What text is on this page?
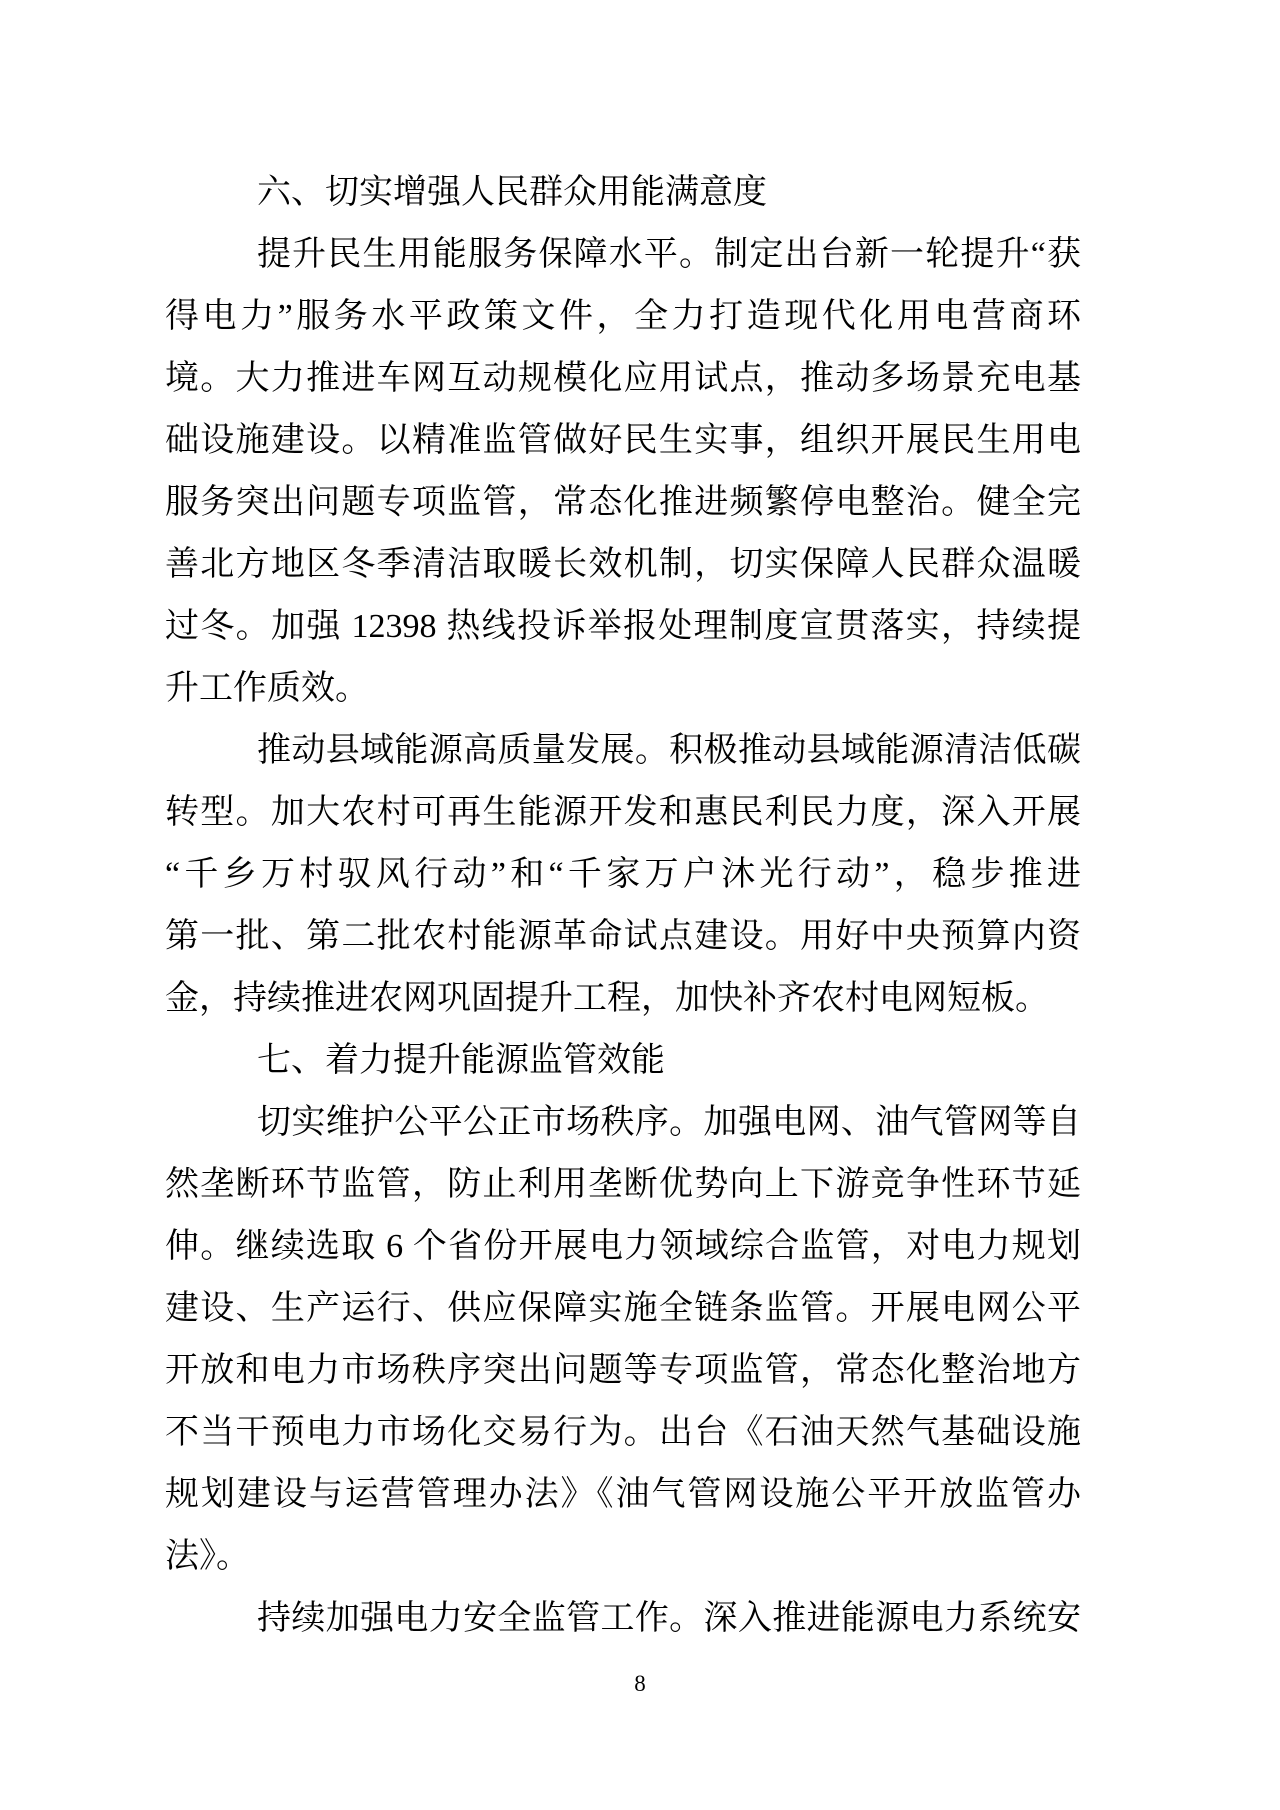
六、切实增强人民群众用能满意度
提升民生用能服务保障水平。制定出台新一轮提升“获
得电力”服务水平政策文件，全力打造现代化用电营商环
境。大力推进车网互动规模化应用试点，推动多场景充电基
础设施建设。以精准监管做好民生实事，组织开展民生用电
服务突出问题专项监管，常态化推进频繁停电整治。健全完
善北方地区冬季清洁取暖长效机制，切实保障人民群众温暖
过冬。加强 12398 热线投诉举报处理制度宣贯落实，持续提
升工作质效。
推动县域能源高质量发展。积极推动县域能源清洁低碳
转型。加大农村可再生能源开发和惠民利民力度，深入开展
“千乡万村驭风行动”和“千家万户沐光行动”，稳步推进
第一批、第二批农村能源革命试点建设。用好中央预算内资
金，持续推进农网巩固提升工程，加快补齐农村电网短板。
七、着力提升能源监管效能
切实维护公平公正市场秩序。加强电网、油气管网等自
然垄断环节监管，防止利用垄断优势向上下游竞争性环节延
伸。继续选取 6 个省份开展电力领域综合监管，对电力规划
建设、生产运行、供应保障实施全链条监管。开展电网公平
开放和电力市场秩序突出问题等专项监管，常态化整治地方
不当干预电力市场化交易行为。出台《石油天然气基础设施
规划建设与运营管理办法》《油气管网设施公平开放监管办
法》。
持续加强电力安全监管工作。深入推进能源电力系统安
8
